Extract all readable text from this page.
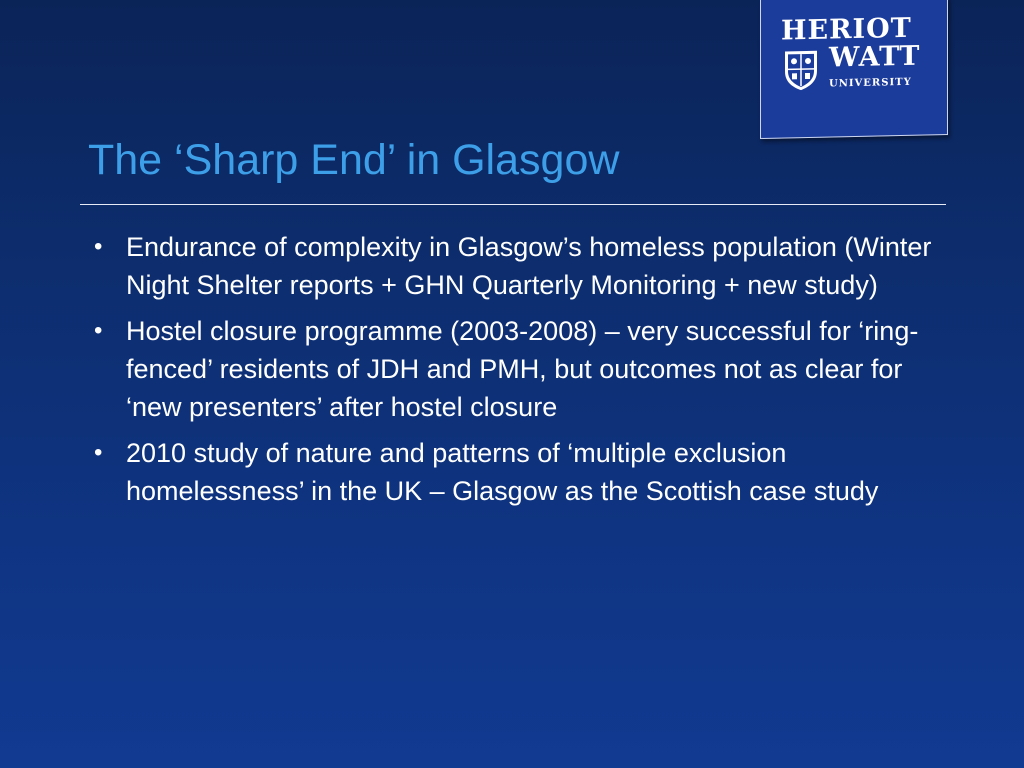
HERIOT
WATT
UNIVERSITY
The ‘Sharp End’ in Glasgow
• Endurance of complexity in Glasgow’s homeless population (Winter Night Shelter reports + GHN Quarterly Monitoring + new study)
• Hostel closure programme (2003-2008) – very successful for ‘ring-fenced’ residents of JDH and PMH, but outcomes not as clear for ‘new presenters’ after hostel closure
• 2010 study of nature and patterns of ‘multiple exclusion homelessness’ in the UK – Glasgow as the Scottish case study
